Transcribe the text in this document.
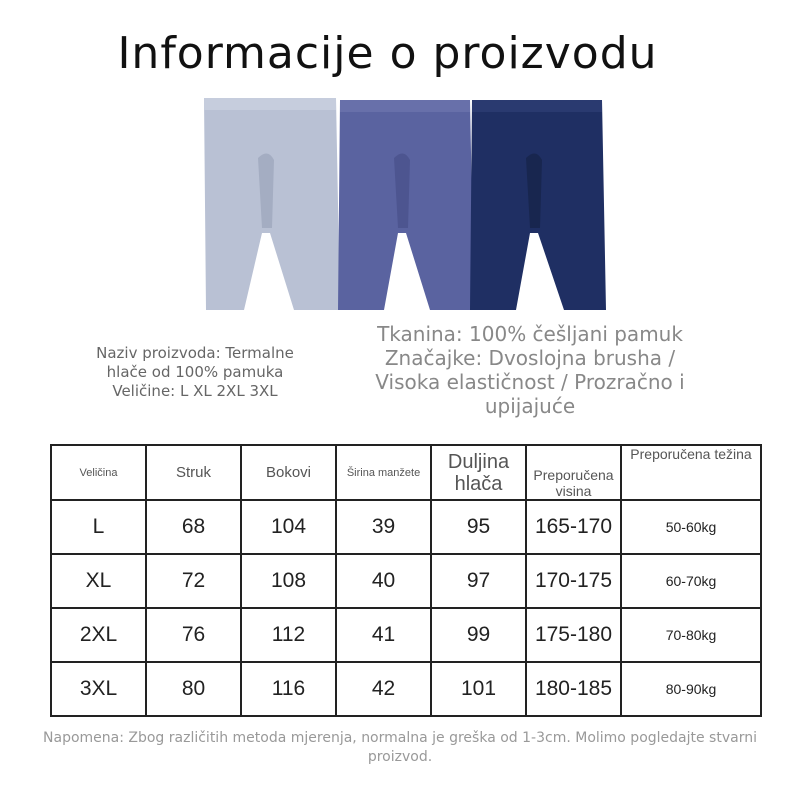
Informacije o proizvodu
Naziv proizvoda: Termalne
hlače od 100% pamuka
Veličine: L XL 2XL 3XL
Tkanina: 100% češljani pamuk
Značajke: Dvoslojna brusha /
Visoka elastičnost / Prozračno i
upijajuće
Veličina	Struk	Bokovi	Širina manžete	Duljina hlača	Preporučena visina	Preporučena težina
L	68	104	39	95	165-170	50-60kg
XL	72	108	40	97	170-175	60-70kg
2XL	76	112	41	99	175-180	70-80kg
3XL	80	116	42	101	180-185	80-90kg
Napomena: Zbog različitih metoda mjerenja, normalna je greška od 1-3cm. Molimo pogledajte stvarni proizvod.
